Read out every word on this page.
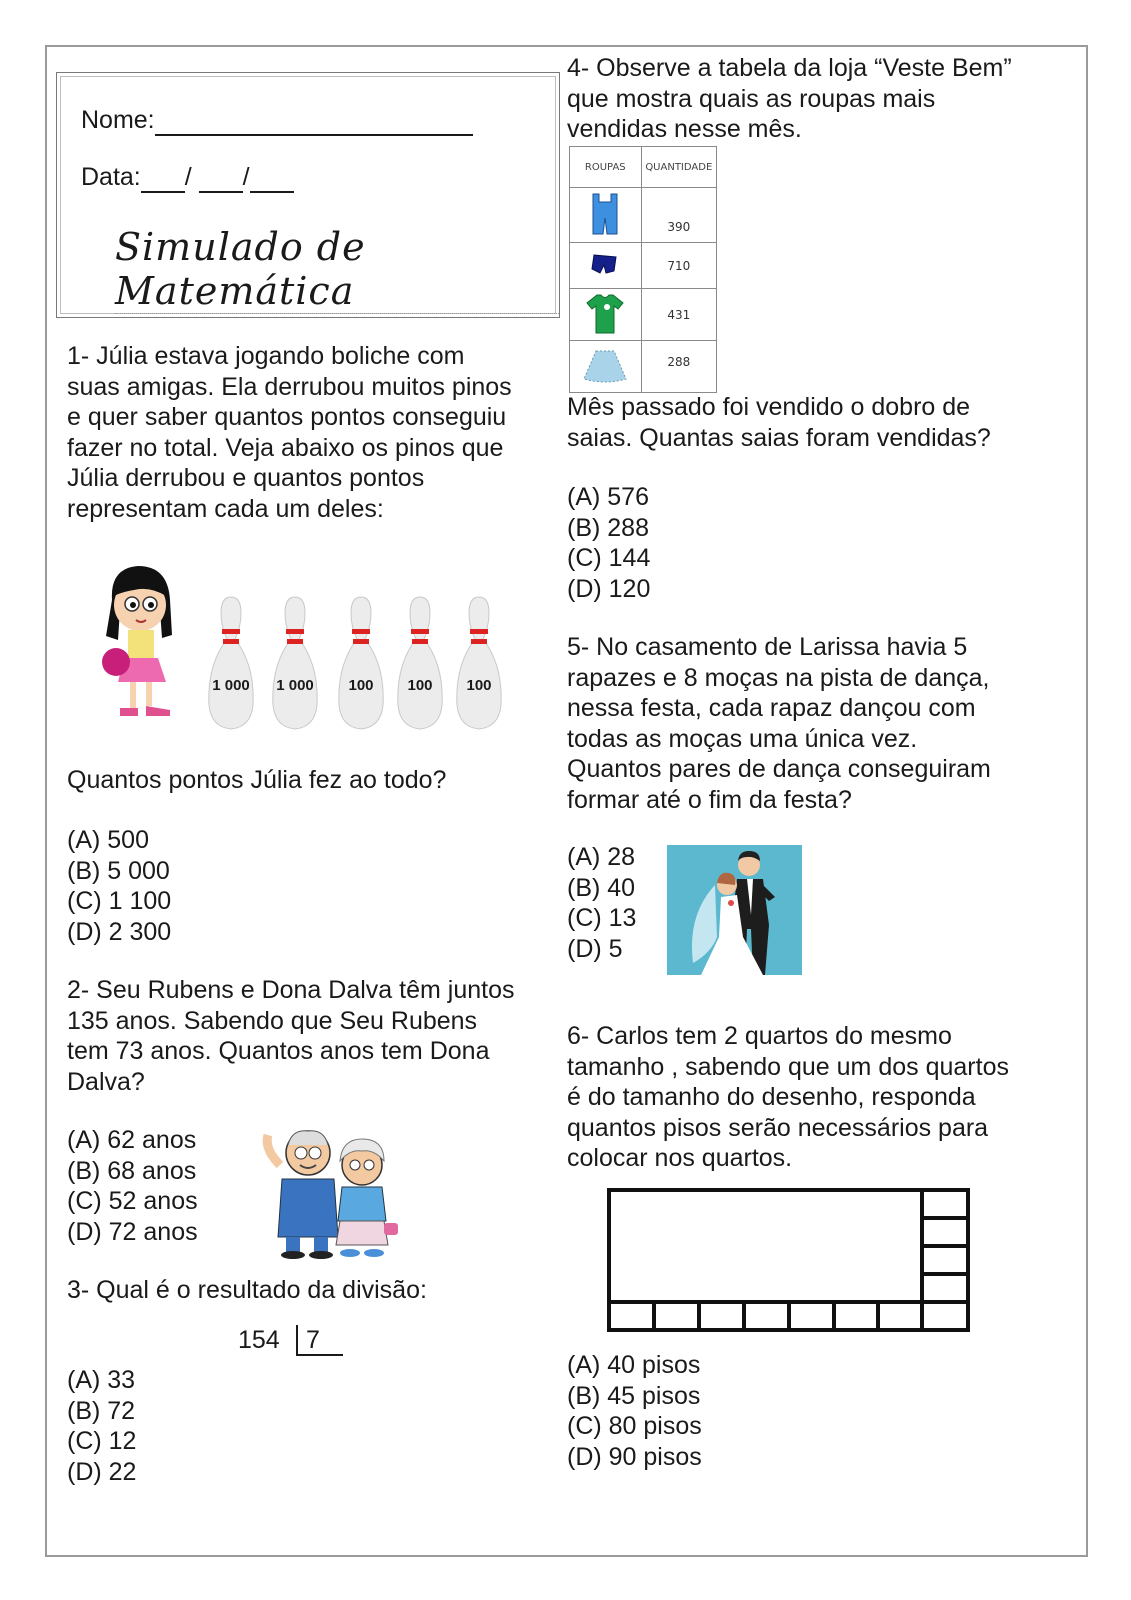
Nome:
Data: / /
Simulado de Matemática
1- Júlia estava jogando boliche com
suas amigas. Ela derrubou muitos pinos
e quer saber quantos pontos conseguiu
fazer no total. Veja abaixo os pinos que
Júlia derrubou e quantos pontos
representam cada um deles:
1 000	1 000	100	100	100
Quantos pontos Júlia fez ao todo?
(A) 500
(B) 5 000
(C) 1 100
(D) 2 300
2- Seu Rubens e Dona Dalva têm juntos
135 anos. Sabendo que Seu Rubens
tem 73 anos. Quantos anos tem Dona
Dalva?
(A) 62 anos
(B) 68 anos
(C) 52 anos
(D) 72 anos
3- Qual é o resultado da divisão:
154 7
(A) 33
(B) 72
(C) 12
(D) 22
4- Observe a tabela da loja “Veste Bem”
que mostra quais as roupas mais
vendidas nesse mês.
ROUPAS	QUANTIDADE
	390
	710
	431
	288
Mês passado foi vendido o dobro de
saias. Quantas saias foram vendidas?
(A) 576
(B) 288
(C) 144
(D) 120
5- No casamento de Larissa havia 5
rapazes e 8 moças na pista de dança,
nessa festa, cada rapaz dançou com
todas as moças uma única vez.
Quantos pares de dança conseguiram
formar até o fim da festa?
(A) 28
(B) 40
(C) 13
(D) 5
6- Carlos tem 2 quartos do mesmo
tamanho , sabendo que um dos quartos
é do tamanho do desenho, responda
quantos pisos serão necessários para
colocar nos quartos.
(A) 40 pisos
(B) 45 pisos
(C) 80 pisos
(D) 90 pisos
